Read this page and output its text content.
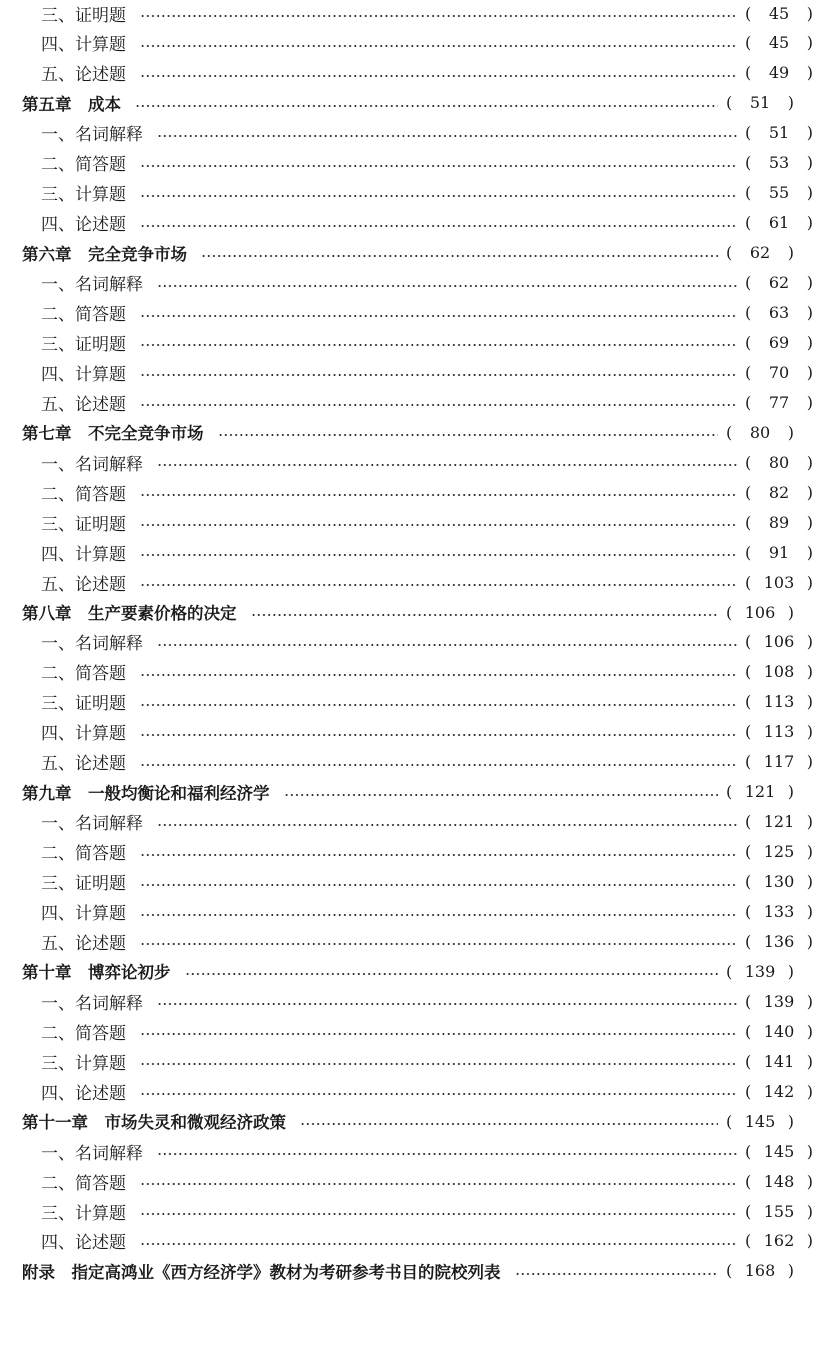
三、证明题	(	45	)
四、计算题	(	45	)
五、论述题	(	49	)
第五章　成本	(	51	)
一、名词解释	(	51	)
二、简答题	(	53	)
三、计算题	(	55	)
四、论述题	(	61	)
第六章　完全竞争市场	(	62	)
一、名词解释	(	62	)
二、简答题	(	63	)
三、证明题	(	69	)
四、计算题	(	70	)
五、论述题	(	77	)
第七章　不完全竞争市场	(	80	)
一、名词解释	(	80	)
二、简答题	(	82	)
三、证明题	(	89	)
四、计算题	(	91	)
五、论述题	( 103 )
第八章　生产要素价格的决定	( 106 )
一、名词解释	( 106 )
二、简答题	( 108 )
三、证明题	( 113 )
四、计算题	( 113 )
五、论述题	( 117 )
第九章　一般均衡论和福利经济学	( 121 )
一、名词解释	( 121 )
二、简答题	( 125 )
三、证明题	( 130 )
四、计算题	( 133 )
五、论述题	( 136 )
第十章　博弈论初步	( 139 )
一、名词解释	( 139 )
二、简答题	( 140 )
三、计算题	( 141 )
四、论述题	( 142 )
第十一章　市场失灵和微观经济政策	( 145 )
一、名词解释	( 145 )
二、简答题	( 148 )
三、计算题	( 155 )
四、论述题	( 162 )
附录　指定高鸿业《西方经济学》教材为考研参考书目的院校列表	( 168 )
